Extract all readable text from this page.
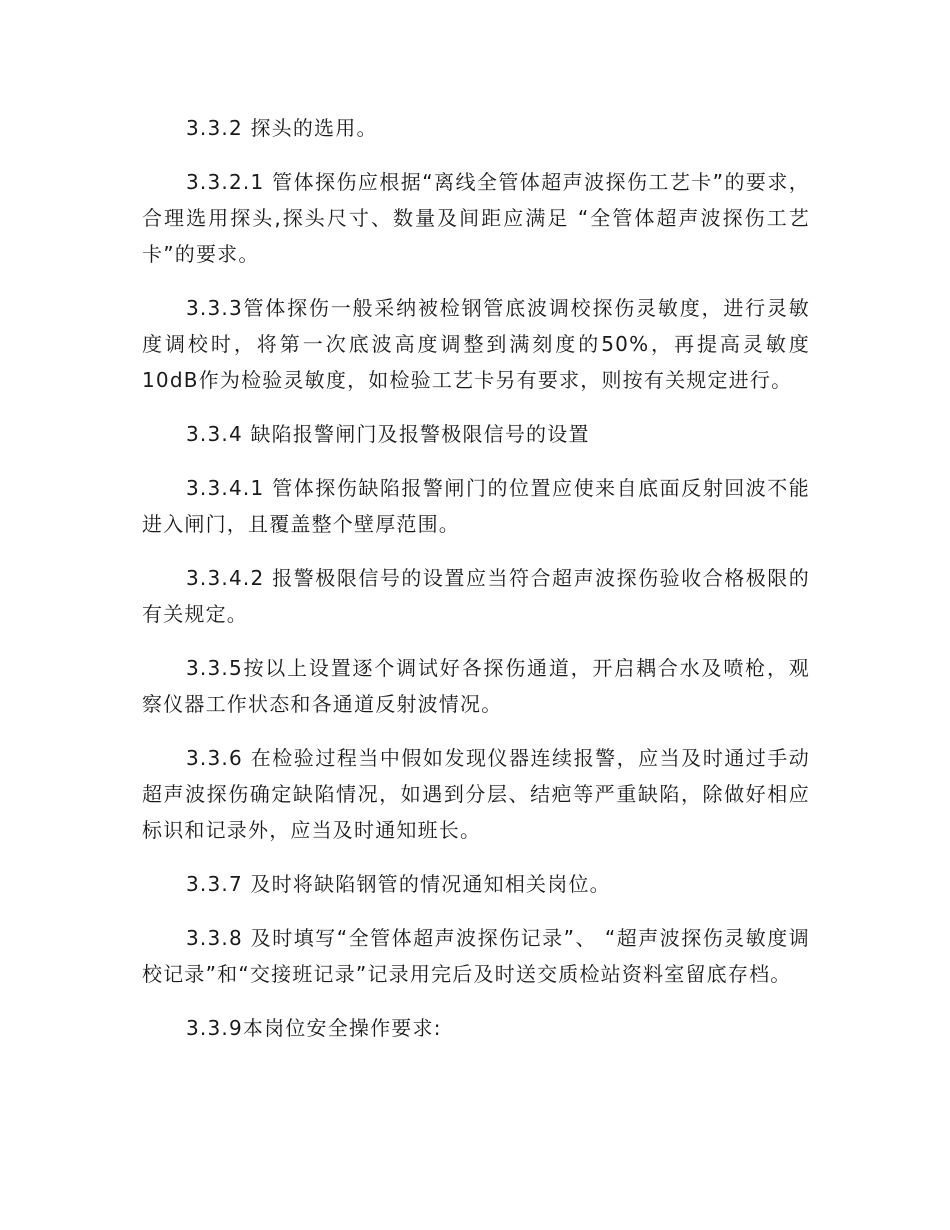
3.3.2 探头的选用。

3.3.2.1 管体探伤应根据“离线全管体超声波探伤工艺卡”的要求，合理选用探头,探头尺寸、数量及间距应满足 “全管体超声波探伤工艺卡”的要求。

3.3.3管体探伤一般采纳被检钢管底波调校探伤灵敏度，进行灵敏度调校时，将第一次底波高度调整到满刻度的50%，再提高灵敏度10dB作为检验灵敏度，如检验工艺卡另有要求，则按有关规定进行。

3.3.4 缺陷报警闸门及报警极限信号的设置

3.3.4.1 管体探伤缺陷报警闸门的位置应使来自底面反射回波不能进入闸门，且覆盖整个壁厚范围。

3.3.4.2 报警极限信号的设置应当符合超声波探伤验收合格极限的有关规定。

3.3.5按以上设置逐个调试好各探伤通道，开启耦合水及喷枪，观察仪器工作状态和各通道反射波情况。

3.3.6 在检验过程当中假如发现仪器连续报警，应当及时通过手动超声波探伤确定缺陷情况，如遇到分层、结疤等严重缺陷，除做好相应标识和记录外，应当及时通知班长。

3.3.7 及时将缺陷钢管的情况通知相关岗位。

3.3.8 及时填写“全管体超声波探伤记录”、 “超声波探伤灵敏度调校记录”和“交接班记录”记录用完后及时送交质检站资料室留底存档。

3.3.9本岗位安全操作要求:
